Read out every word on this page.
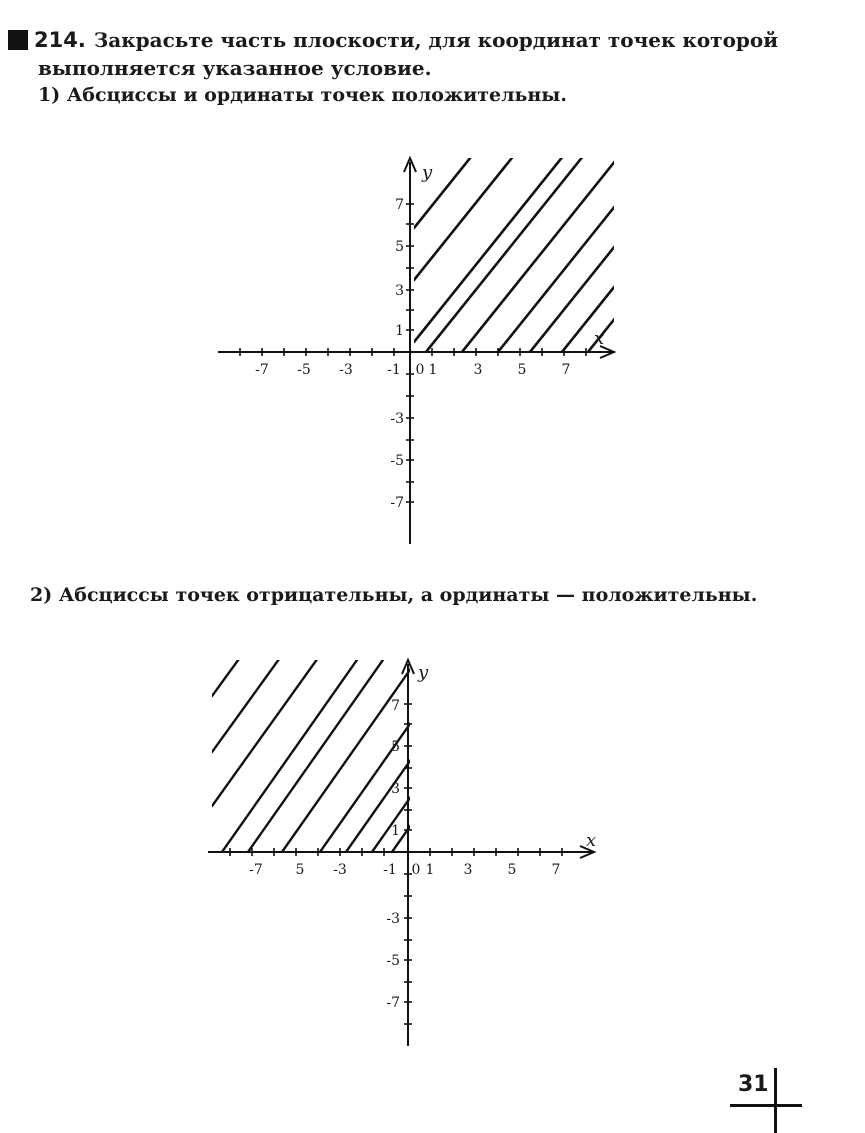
214. Закрасьте часть плоскости, для координат точек которой
выполняется указанное условие.
1) Абсциссы и ординаты точек положительны.
2) Абсциссы точек отрицательны, а ординаты — положительны.
y
x
-7 -5 -3 -1 0 1	3	5	7
7
5
3
1
-3
-5
-7
y
x
-7 5 -3	-1 0 1 3	5	7
7
5
3
1
-3
-5
-7
31
